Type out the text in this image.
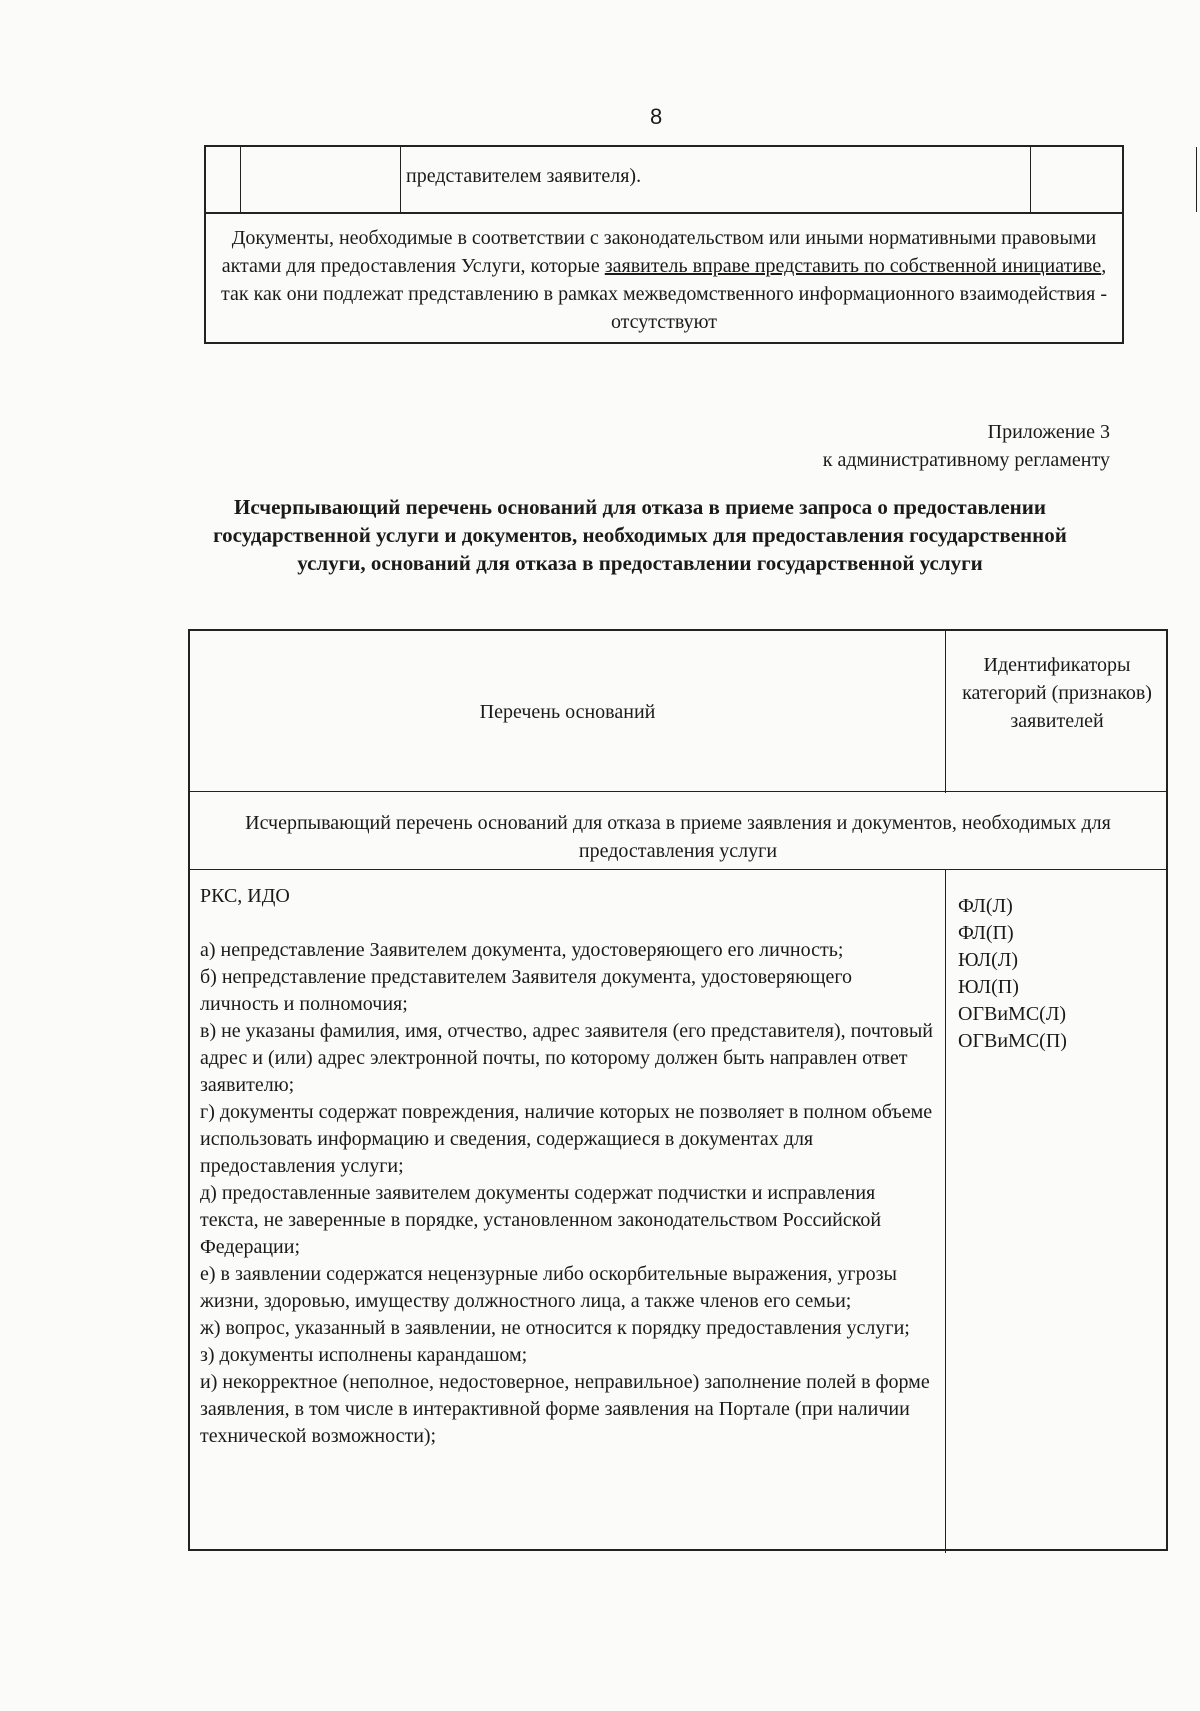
8
представителем заявителя).
Документы, необходимые в соответствии с законодательством или иными нормативными правовыми актами для предоставления Услуги, которые заявитель вправе представить по собственной инициативе, так как они подлежат представлению в рамках межведомственного информационного взаимодействия - отсутствуют
Приложение 3
к административному регламенту
Исчерпывающий перечень оснований для отказа в приеме запроса о предоставлении государственной услуги и документов, необходимых для предоставления государственной услуги, оснований для отказа в предоставлении государственной услуги
Перечень оснований
Идентификаторы категорий (признаков) заявителей
Исчерпывающий перечень оснований для отказа в приеме заявления и документов, необходимых для предоставления услуги
РКС, ИДО
а) непредставление Заявителем документа, удостоверяющего его личность;
б) непредставление представителем Заявителя документа, удостоверяющего личность и полномочия;
в) не указаны фамилия, имя, отчество, адрес заявителя (его представителя), почтовый адрес и (или) адрес электронной почты, по которому должен быть направлен ответ заявителю;
г) документы содержат повреждения, наличие которых не позволяет в полном объеме использовать информацию и сведения, содержащиеся в документах для предоставления услуги;
д) предоставленные заявителем документы содержат подчистки и исправления текста, не заверенные в порядке, установленном законодательством Российской Федерации;
е) в заявлении содержатся нецензурные либо оскорбительные выражения, угрозы жизни, здоровью, имуществу должностного лица, а также членов его семьи;
ж) вопрос, указанный в заявлении, не относится к порядку предоставления услуги;
з) документы исполнены карандашом;
и) некорректное (неполное, недостоверное, неправильное) заполнение полей в форме заявления, в том числе в интерактивной форме заявления на Портале (при наличии технической возможности);
ФЛ(Л)
ФЛ(П)
ЮЛ(Л)
ЮЛ(П)
ОГВиМС(Л)
ОГВиМС(П)
